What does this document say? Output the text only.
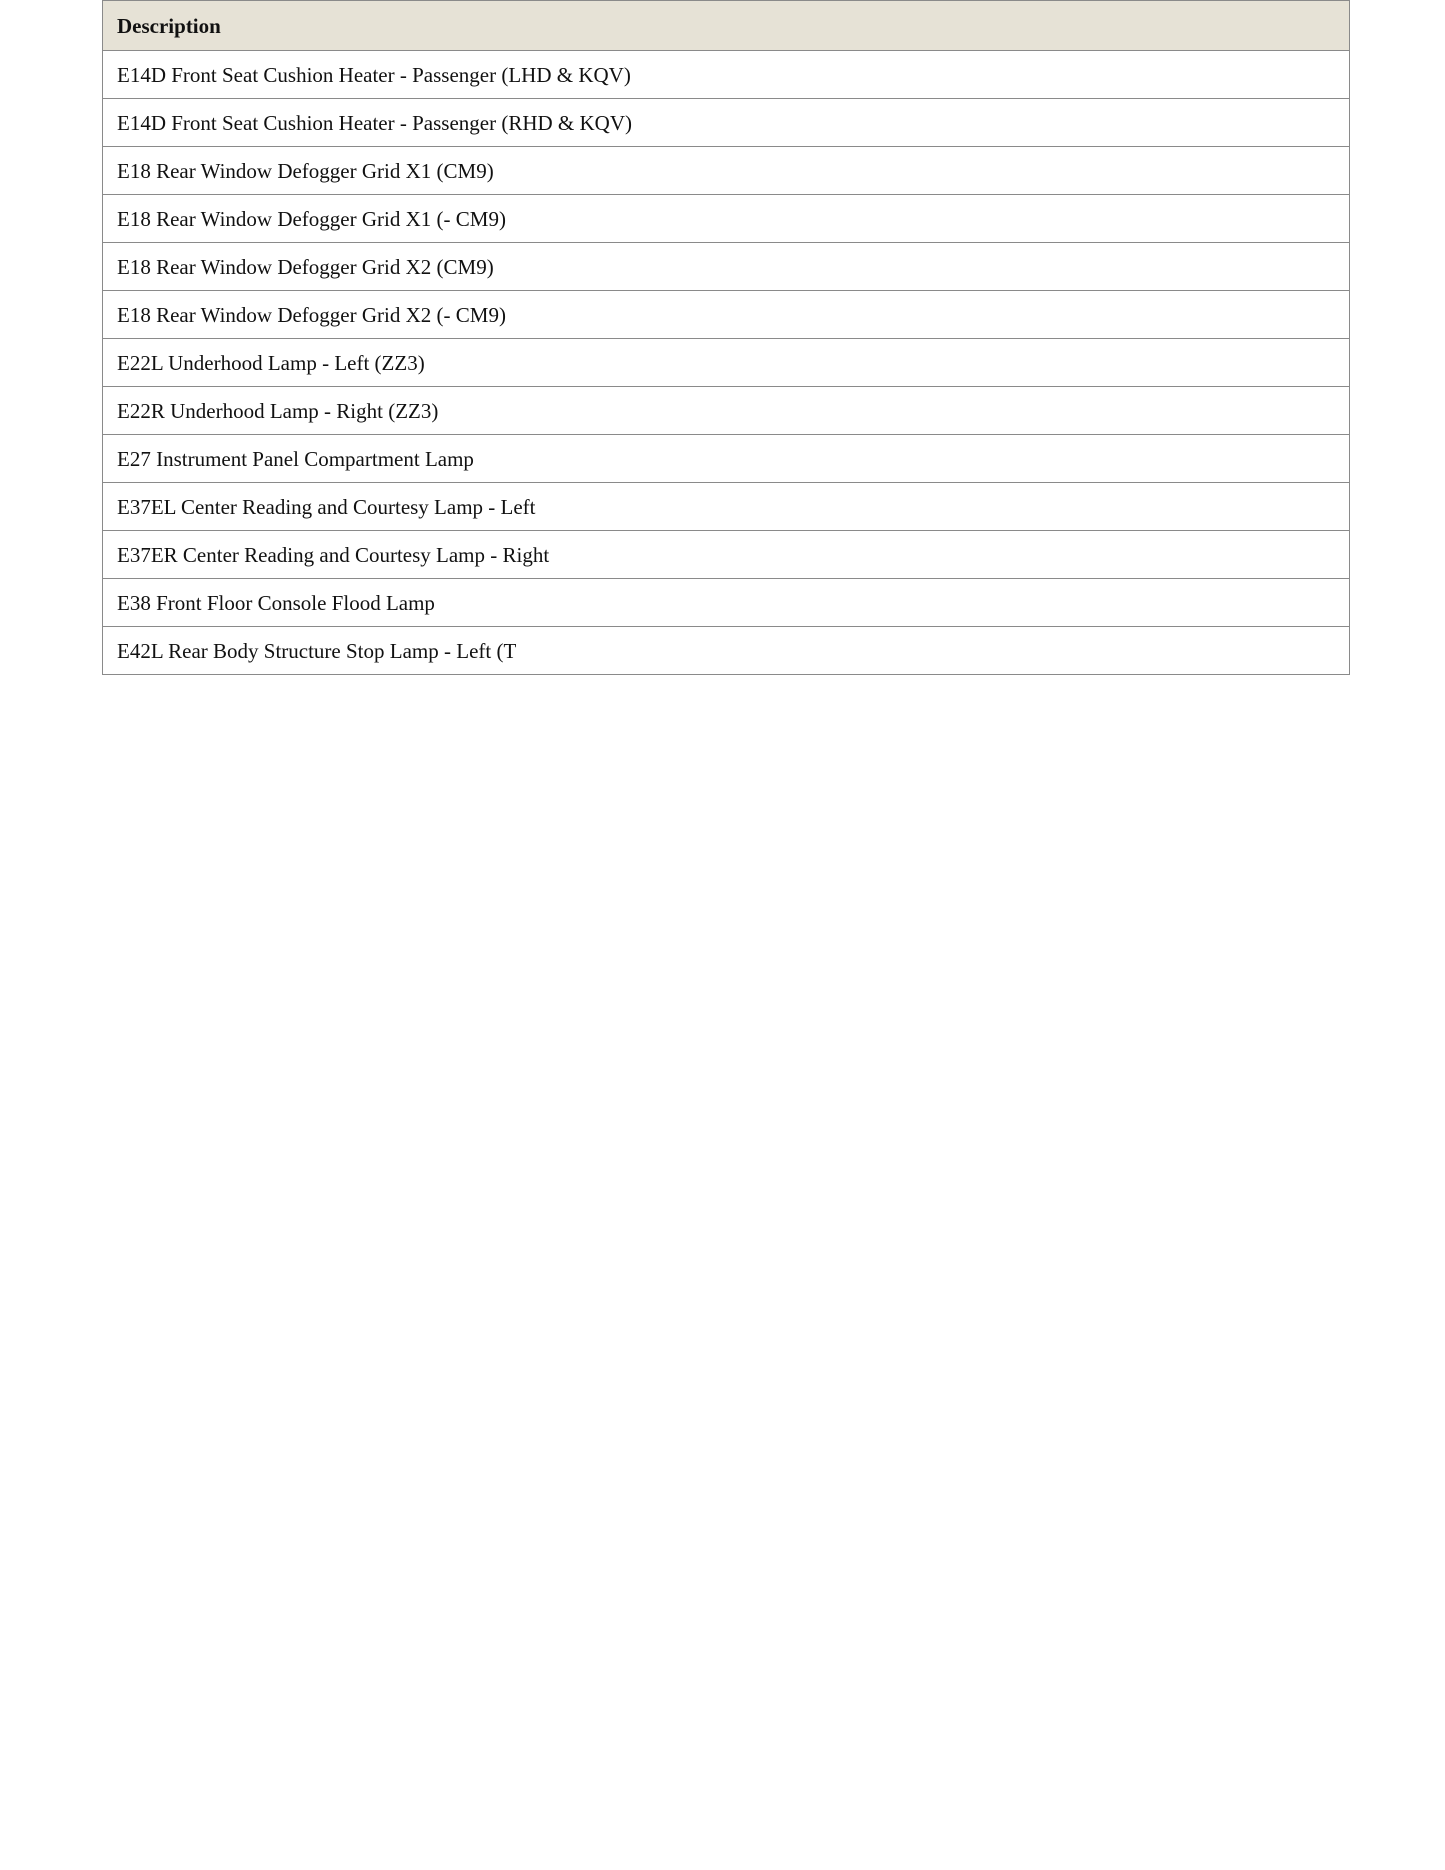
Description
E14D Front Seat Cushion Heater - Passenger (LHD & KQV)
E14D Front Seat Cushion Heater - Passenger (RHD & KQV)
E18 Rear Window Defogger Grid X1 (CM9)
E18 Rear Window Defogger Grid X1 (- CM9)
E18 Rear Window Defogger Grid X2 (CM9)
E18 Rear Window Defogger Grid X2 (- CM9)
E22L Underhood Lamp - Left (ZZ3)
E22R Underhood Lamp - Right (ZZ3)
E27 Instrument Panel Compartment Lamp
E37EL Center Reading and Courtesy Lamp - Left
E37ER Center Reading and Courtesy Lamp - Right
E38 Front Floor Console Flood Lamp
E42L Rear Body Structure Stop Lamp - Left (T
